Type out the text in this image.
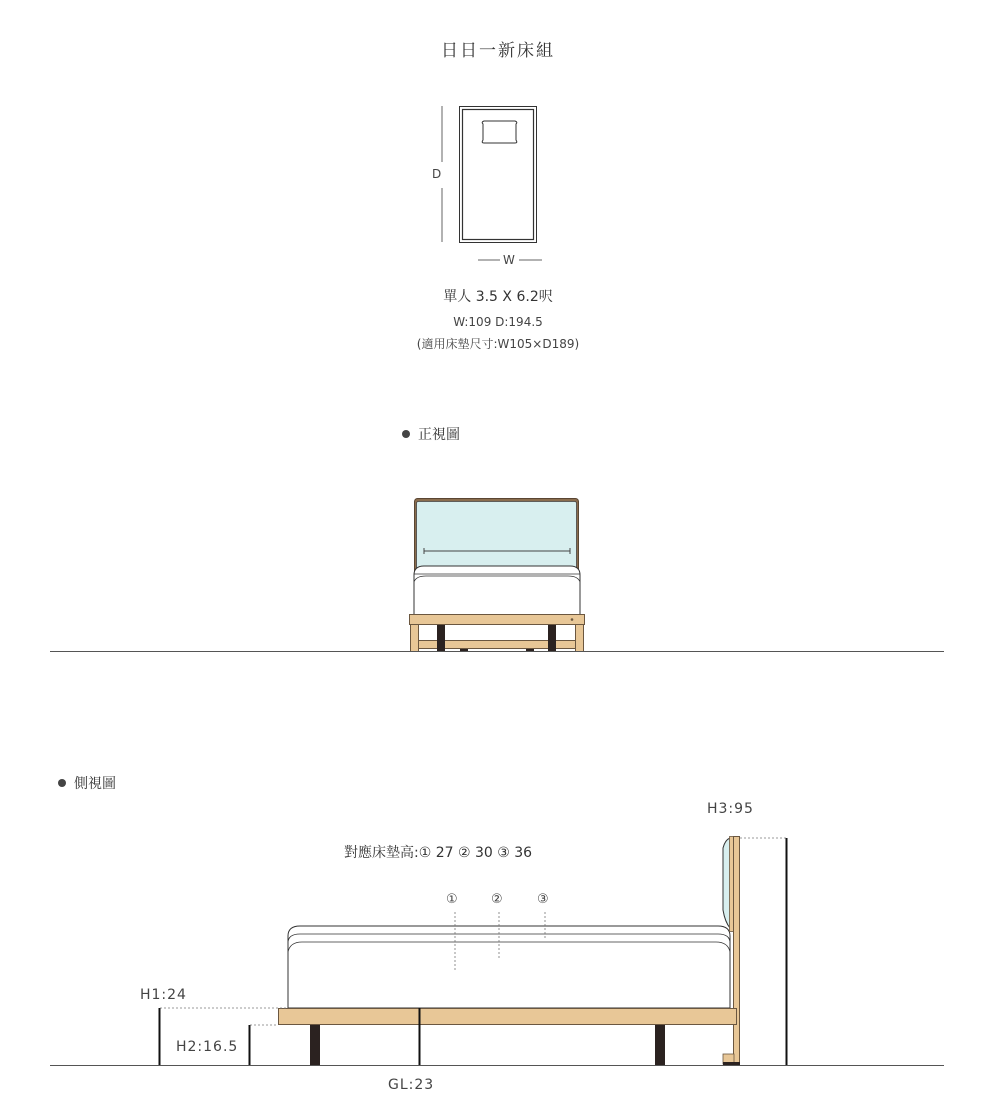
日日一新床組
D
W
單人 3.5 X 6.2呎
W:109 D:194.5
(適用床墊尺寸:W105×D189)
正視圖
側視圖
對應床墊高:① 27 ② 30 ③ 36
①	②	③
H3:95
H1:24
H2:16.5
GL:23
